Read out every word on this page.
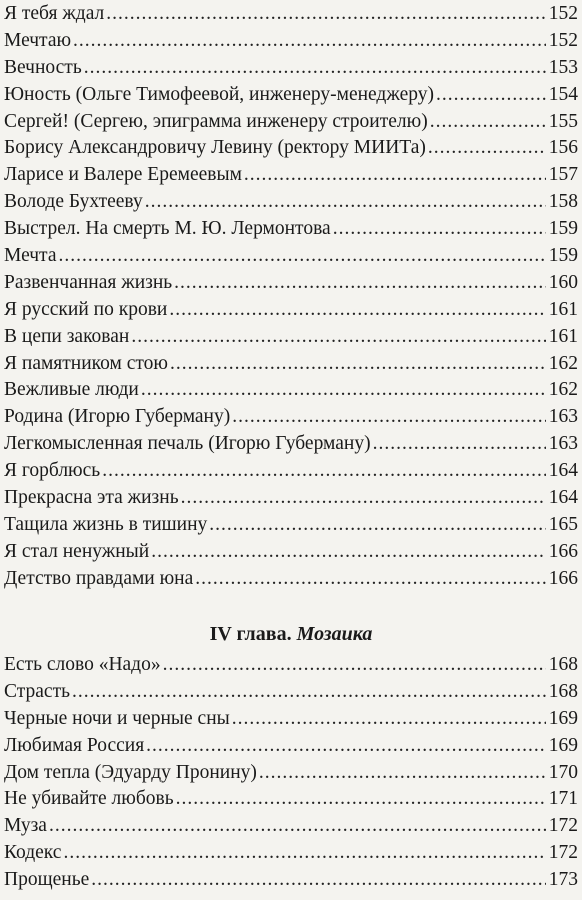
Я тебя ждал .....	152
Мечтаю .....	152
Вечность .....	153
Юность (Ольге Тимофеевой, инженеру-менеджеру) .....	154
Сергей! (Сергею, эпиграмма инженеру строителю) .....	155
Борису Александровичу Левину (ректору МИИТа) .....	156
Ларисе и Валере Еремеевым .....	157
Володе Бухтееву .....	158
Выстрел. На смерть М. Ю. Лермонтова .....	159
Мечта .....	159
Развенчанная жизнь .....	160
Я русский по крови .....	161
В цепи закован .....	161
Я памятником стою .....	162
Вежливые люди .....	162
Родина (Игорю Губерману) .....	163
Легкомысленная печаль (Игорю Губерману) .....	163
Я горблюсь .....	164
Прекрасна эта жизнь .....	164
Тащила жизнь в тишину .....	165
Я стал ненужный .....	166
Детство правдами юна .....	166
IV глава. Мозаика
Есть слово «Надо» .....	168
Страсть .....	168
Черные ночи и черные сны .....	169
Любимая Россия .....	169
Дом тепла (Эдуарду Пронину) .....	170
Не убивайте любовь .....	171
Муза .....	172
Кодекс .....	172
Прощенье .....	173
